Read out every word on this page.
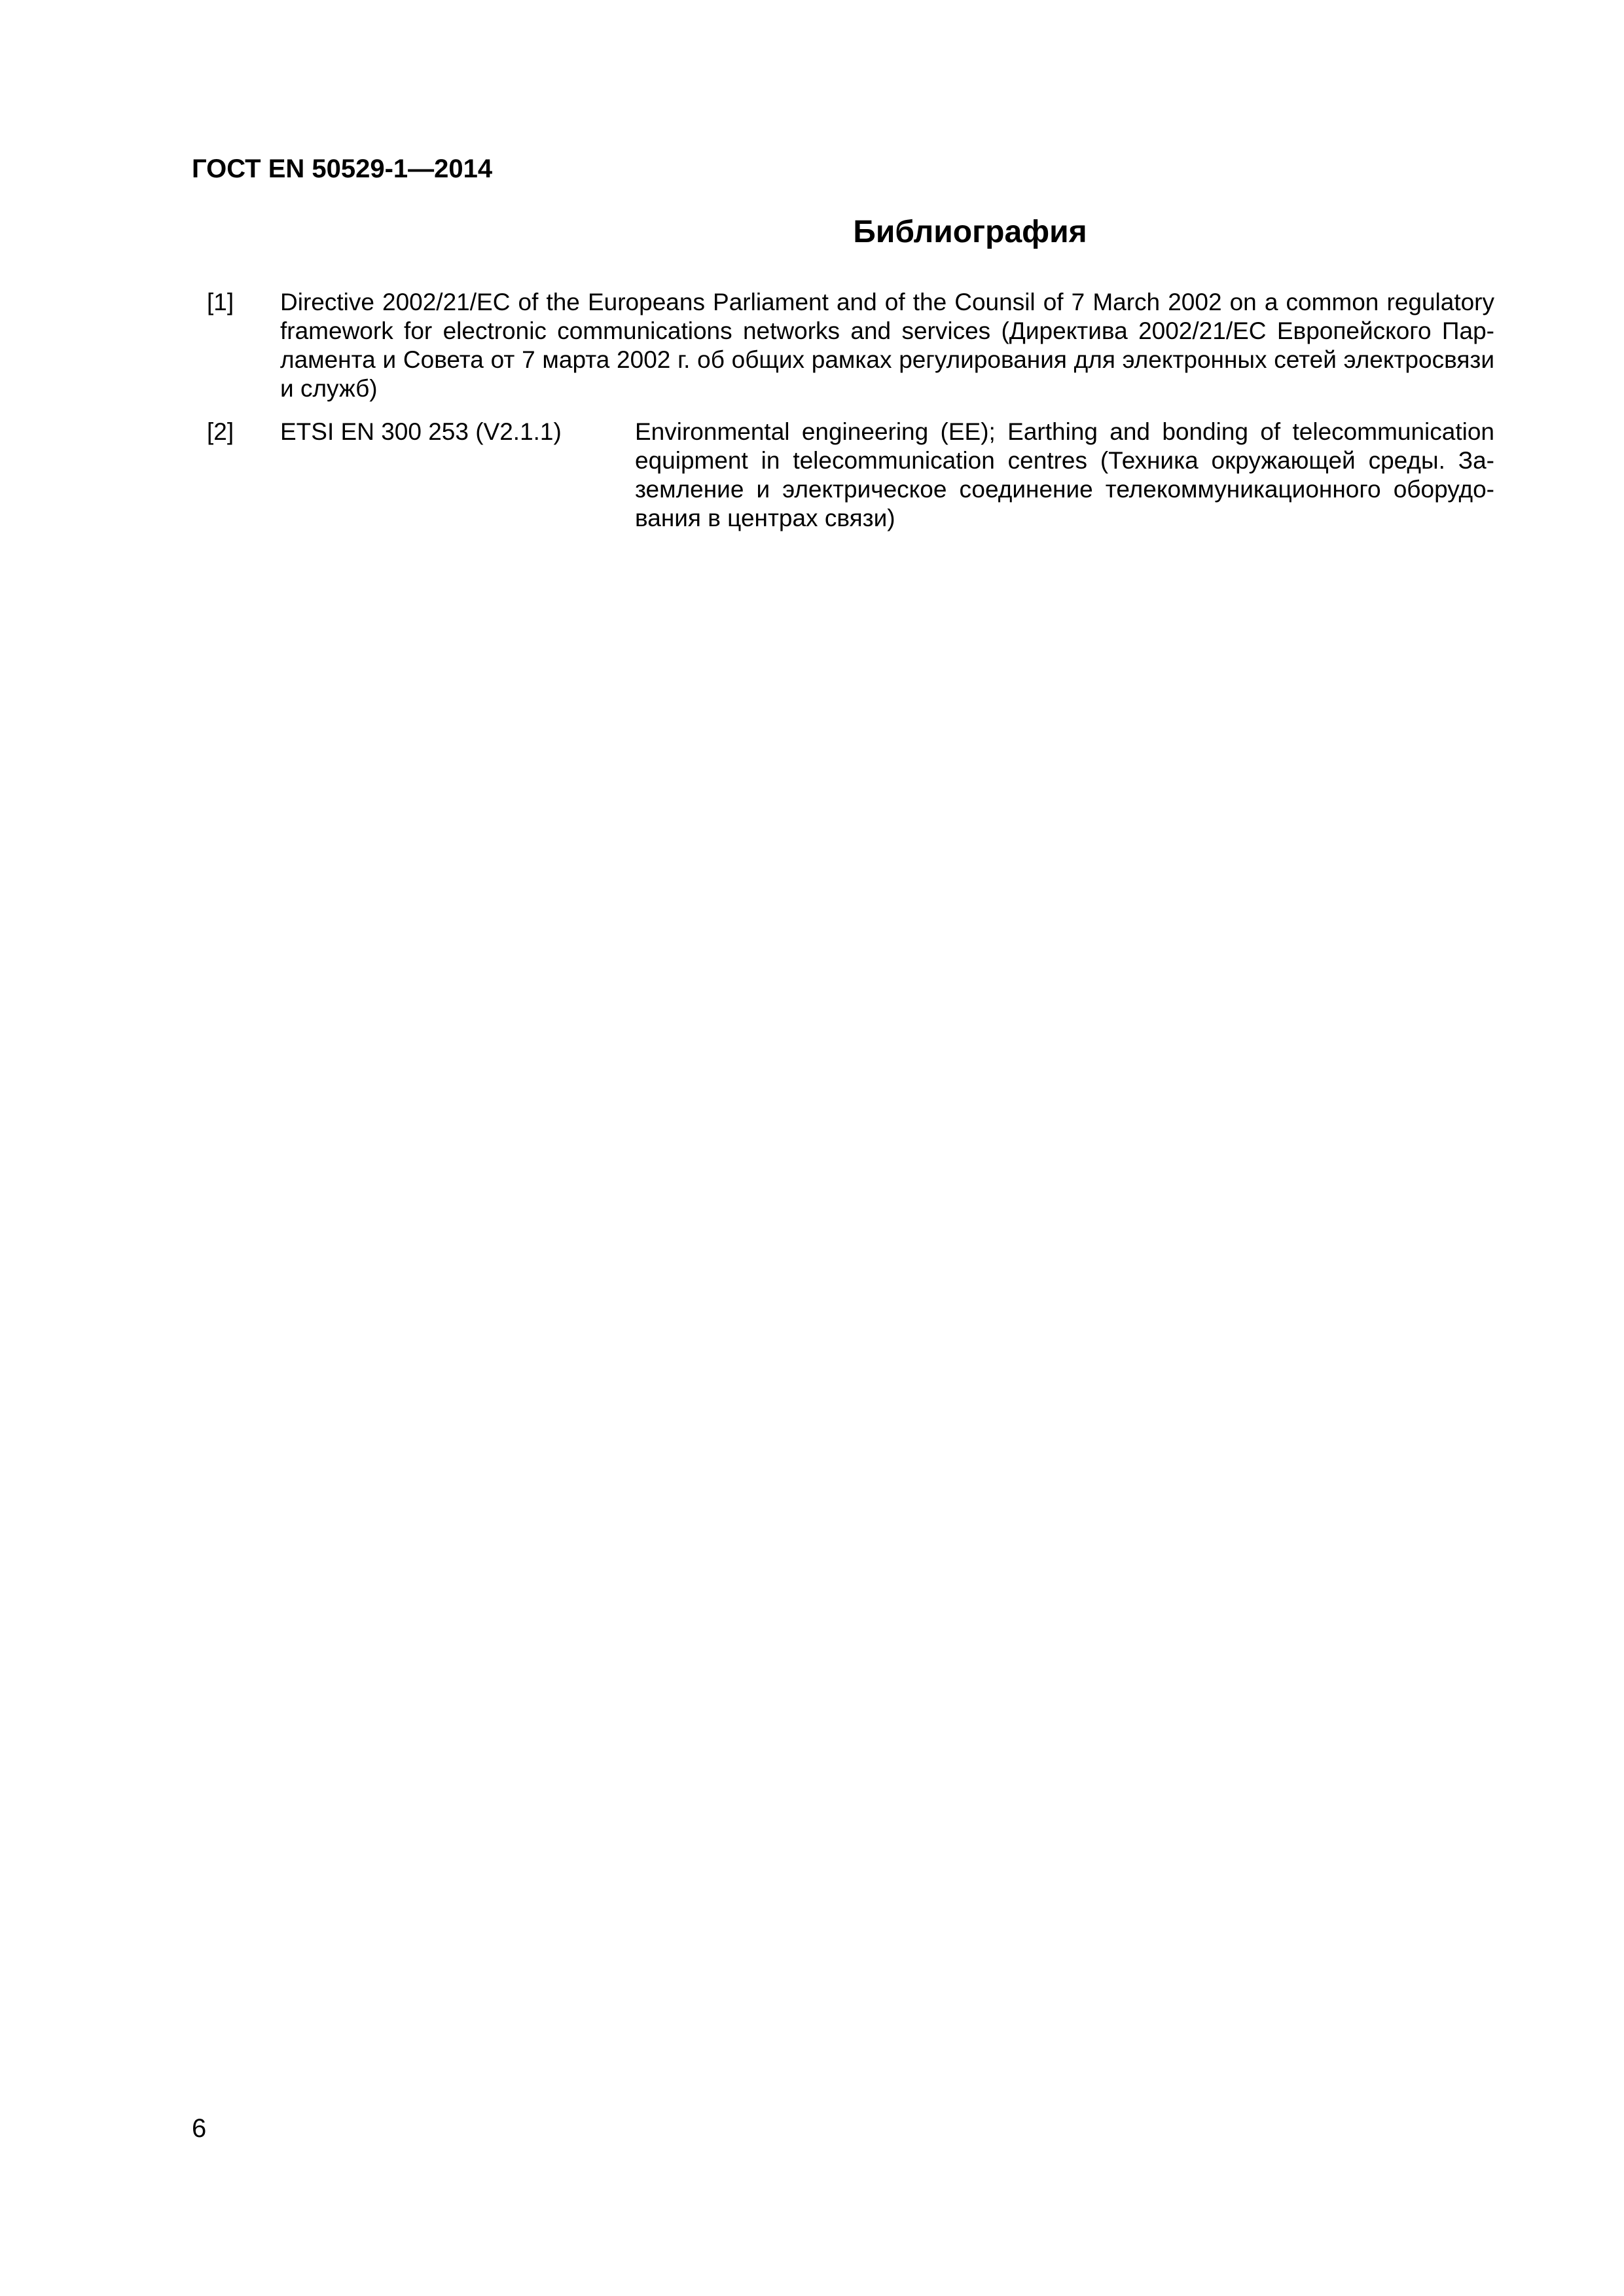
ГОСТ EN 50529-1—2014
Библиография
[1] Directive 2002/21/EC of the Europeans Parliament and of the Counsil of 7 March 2002 on a common regulatory framework for electronic communications networks and services (Директива 2002/21/ЕС Европейского Парламента и Совета от 7 марта 2002 г. об общих рамках регулирования для электронных сетей электросвязи и служб)
[2] ETSI EN 300 253 (V2.1.1)	Environmental engineering (EE); Earthing and bonding of telecommunication equipment in telecommunication centres (Техника окружающей среды. Заземление и электрическое соединение телекоммуникационного оборудования в центрах связи)
6
